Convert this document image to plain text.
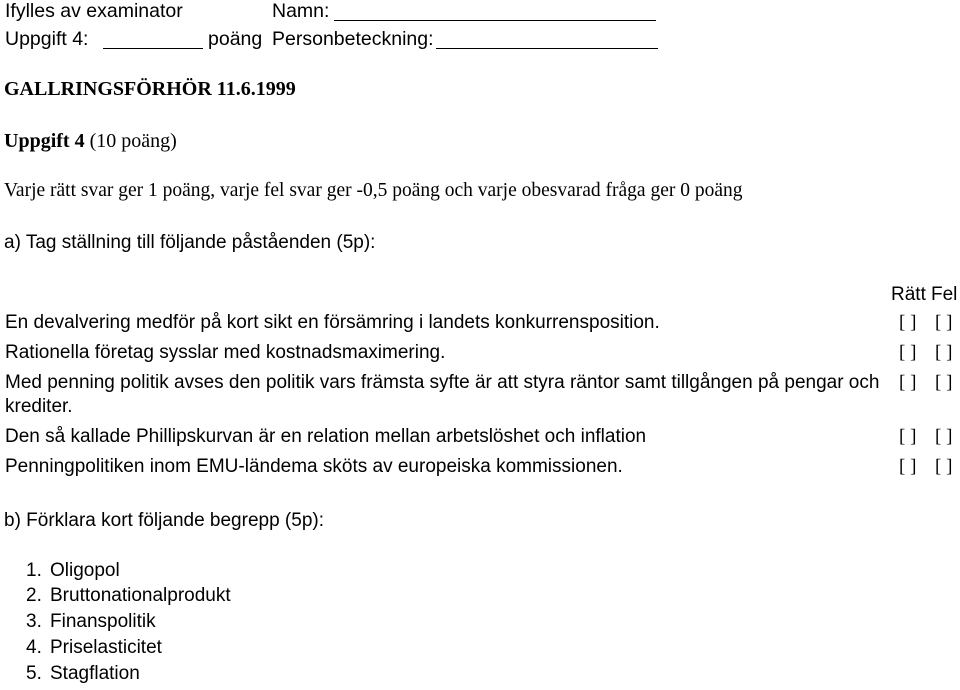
Ifylles av examinator	Namn:
Uppgift 4:	poäng Personbeteckning:
GALLRINGSFÖRHÖR 11.6.1999
Uppgift 4 (10 poäng)
Varje rätt svar ger 1 poäng, varje fel svar ger -0,5 poäng och varje obesvarad fråga ger 0 poäng
a) Tag ställning till följande påståenden (5p):
Rätt Fel
En devalvering medför på kort sikt en försämring i landets konkurrensposition.	[ ] [ ]
Rationella företag sysslar med kostnadsmaximering.	[ ] [ ]
Med penning politik avses den politik vars främsta syfte är att styra räntor samt tillgången på pengar och	[ ] [ ]
krediter.
Den så kallade Phillipskurvan är en relation mellan arbetslöshet och inflation	[ ] [ ]
Penningpolitiken inom EMU-ländema sköts av europeiska kommissionen.	[ ] [ ]
b) Förklara kort följande begrepp (5p):
1. Oligopol
2. Bruttonationalprodukt
3. Finanspolitik
4. Priselasticitet
5. Stagflation
